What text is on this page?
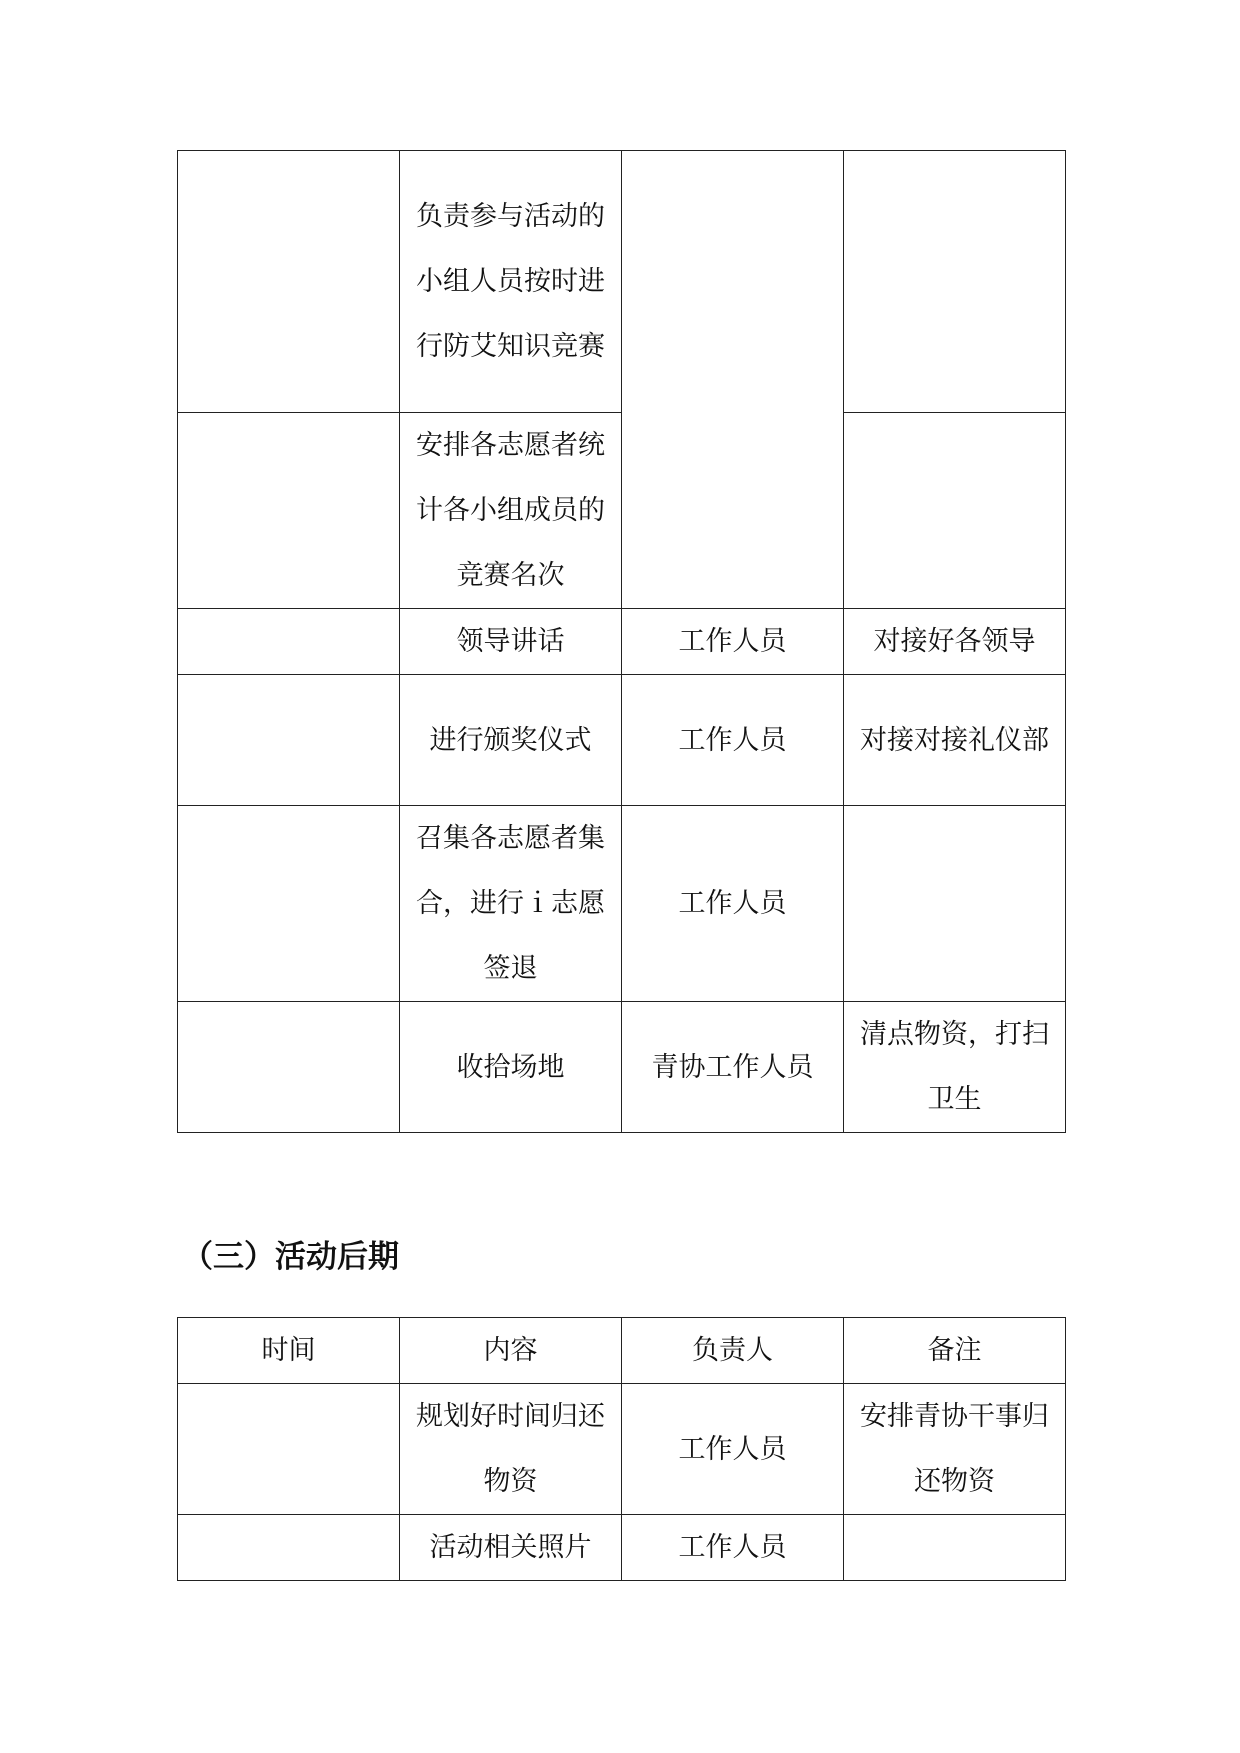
	负责参与活动的小组人员按时进行防艾知识竞赛		
	安排各志愿者统计各小组成员的竞赛名次		
	领导讲话	工作人员	对接好各领导
	进行颁奖仪式	工作人员	对接对接礼仪部
	召集各志愿者集合，进行ｉ志愿签退	工作人员	
	收拾场地	青协工作人员	清点物资，打扫卫生
（三）活动后期
时间	内容	负责人	备注
	规划好时间归还物资	工作人员	安排青协干事归还物资
	活动相关照片	工作人员	
